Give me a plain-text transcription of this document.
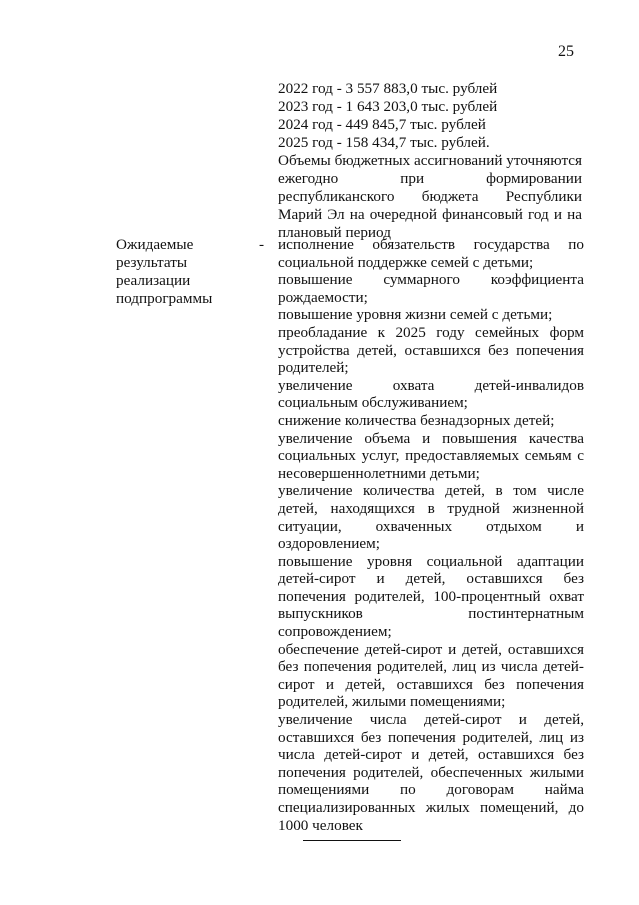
25
2022 год - 3 557 883,0 тыс. рублей
2023 год - 1 643 203,0 тыс. рублей
2024 год - 449 845,7 тыс. рублей
2025 год - 158 434,7 тыс. рублей.

Объемы бюджетных ассигнований уточняются ежегодно при формировании республиканского бюджета Республики Марий Эл на очередной финансовый год и на плановый период

Ожидаемые
результаты
реализации
подпрограммы
- исполнение обязательств государства по социальной поддержке семей с детьми;

повышение суммарного коэффициента рождаемости;

повышение уровня жизни семей с детьми;

преобладание к 2025 году семейных форм устройства детей, оставшихся без попечения родителей;

увеличение охвата детей-инвалидов социальным обслуживанием;

снижение количества безнадзорных детей;

увеличение объема и повышения качества социальных услуг, предоставляемых семьям с несовершеннолетними детьми;

увеличение количества детей, в том числе детей, находящихся в трудной жизненной ситуации, охваченных отдыхом и оздоровлением;

повышение уровня социальной адаптации детей-сирот и детей, оставшихся без попечения родителей, 100-процентный охват выпускников постинтернатным сопровождением;

обеспечение детей-сирот и детей, оставшихся без попечения родителей, лиц из числа детей-сирот и детей, оставшихся без попечения родителей, жилыми помещениями;

увеличение числа детей-сирот и детей, оставшихся без попечения родителей, лиц из числа детей-сирот и детей, оставшихся без попечения родителей, обеспеченных жилыми помещениями по договорам найма специализированных жилых помещений, до 1000 человек
